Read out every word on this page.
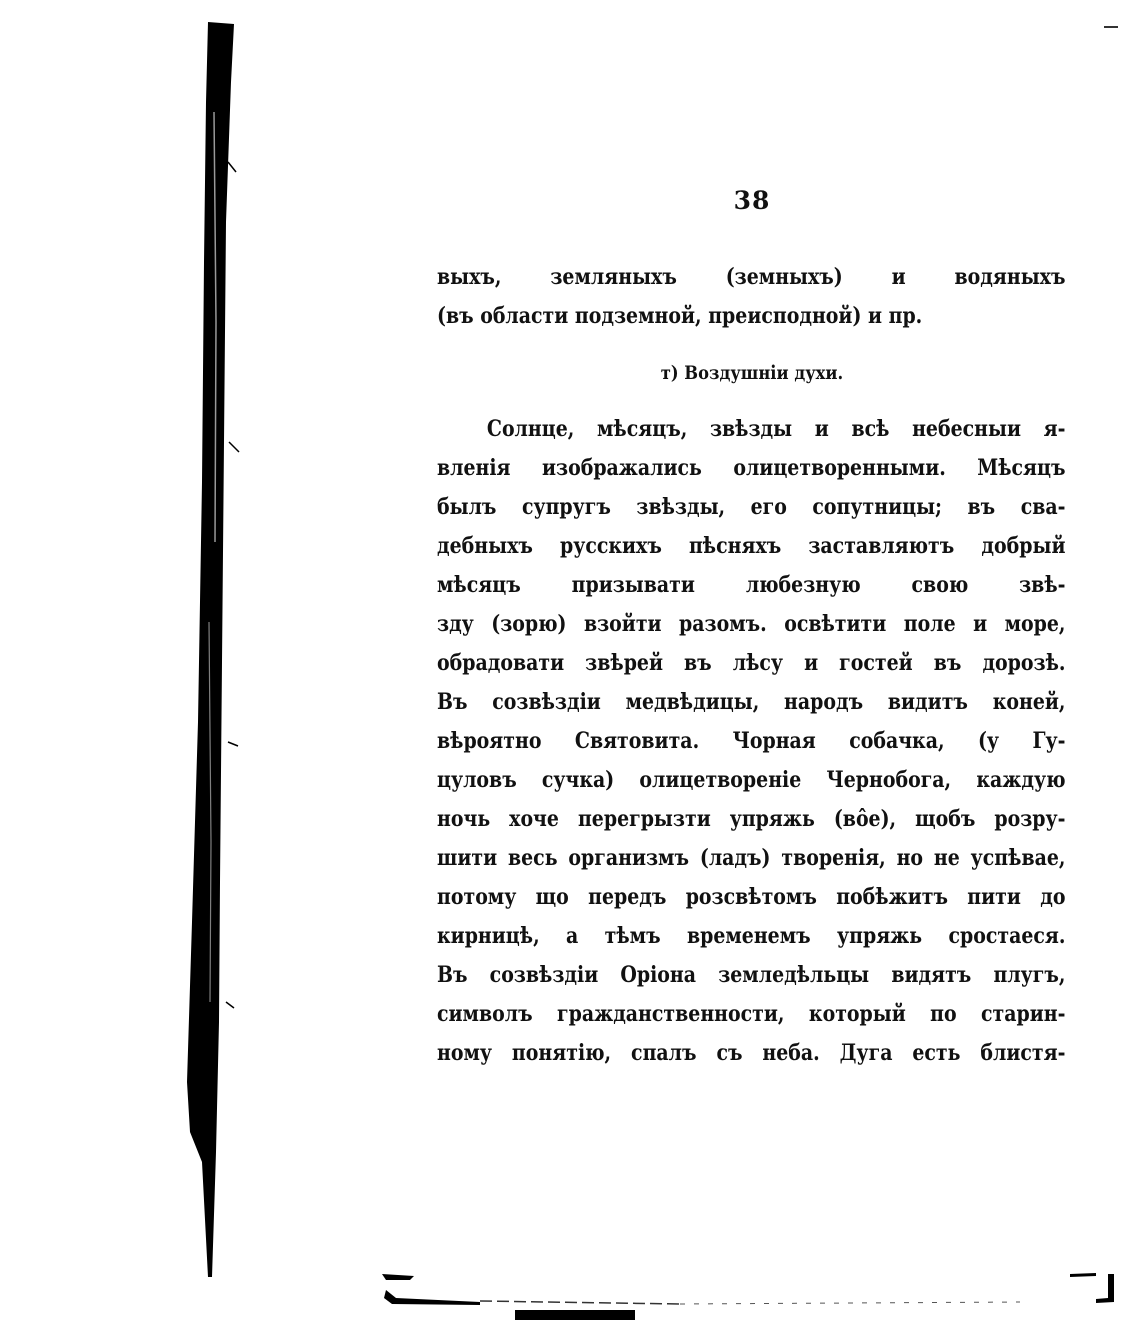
38
выхъ, земляныхъ (земныхъ) и водяныхъ
(въ области подземной, преисподной) и пр.
т) Воздушніи духи.
Солнце, мѣсяцъ, звѣзды и всѣ небесныи я-
вленія изображались олицетворенными. Мѣсяцъ
былъ супругъ звѣзды, его сопутницы; въ сва-
дебныхъ русскихъ пѣсняхъ заставляютъ добрый
мѣсяцъ призывати любезную свою звѣ-
зду (зорю) взойти разомъ. освѣтити поле и море,
обрадовати звѣрей въ лѣсу и гостей въ дорозѣ.
Въ созвѣздіи медвѣдицы, народъ видитъ коней,
вѣроятно Святовита. Чорная собачка, (у Гу-
цуловъ сучка) олицетвореніе Чернобога, каждую
ночь хоче перегрызти упряжь (вôе), щобъ розру-
шити весь организмъ (ладъ) творенія, но не успѣвае,
потому що передъ розсвѣтомъ побѣжитъ пити до
кирницѣ, а тѣмъ временемъ упряжь сростаеся.
Въ созвѣздіи Оріона земледѣльцы видятъ плугъ,
символъ гражданственности, который по старин-
ному понятію, спалъ съ неба. Дуга есть блистя-
